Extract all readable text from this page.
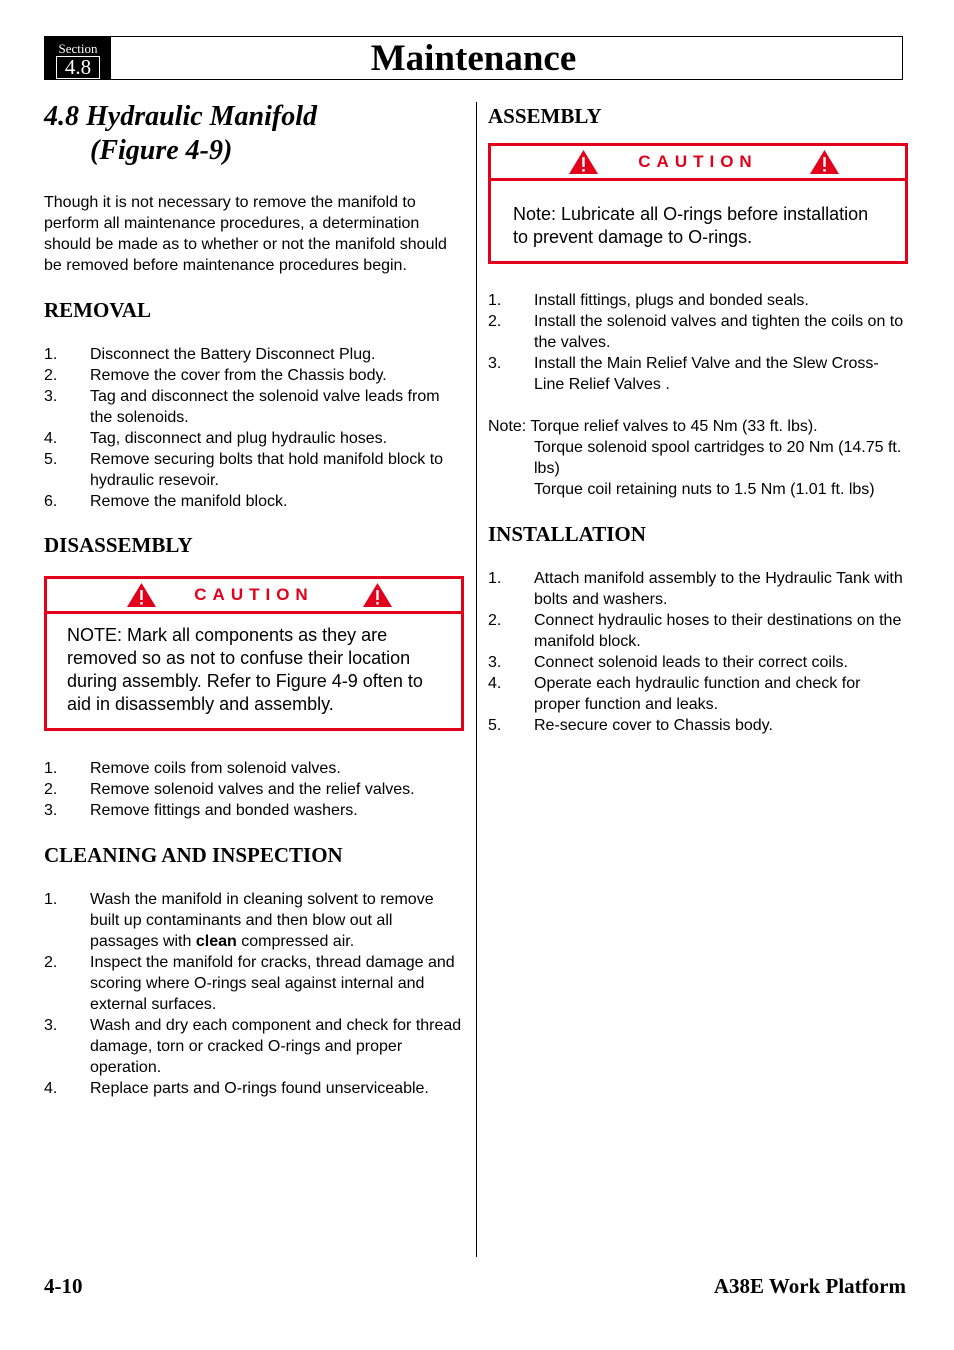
Section
4.8	Maintenance
4.8 Hydraulic Manifold
(Figure 4-9)

Though it is not necessary to remove the manifold to perform all maintenance procedures, a determination should be made as to whether or not the manifold should be removed before maintenance procedures begin.

REMOVAL
1. Disconnect the Battery Disconnect Plug.
2. Remove the cover from the Chassis body.
3. Tag and disconnect the solenoid valve leads from the solenoids.
4. Tag, disconnect and plug hydraulic hoses.
5. Remove securing bolts that hold manifold block to hydraulic resevoir.
6. Remove the manifold block.
DISASSEMBLY
CAUTION
NOTE: Mark all components as they are removed so as not to confuse their location during assembly. Refer to Figure 4-9 often to aid in disassembly and assembly.
1. Remove coils from solenoid valves.
2. Remove solenoid valves and the relief valves.
3. Remove fittings and bonded washers.
CLEANING AND INSPECTION
1. Wash the manifold in cleaning solvent to remove built up contaminants and then blow out all passages with clean compressed air.
2. Inspect the manifold for cracks, thread damage and scoring where O-rings seal against internal and external surfaces.
3. Wash and dry each component and check for thread damage, torn or cracked O-rings and proper operation.
4. Replace parts and O-rings found unserviceable.
ASSEMBLY
CAUTION
Note: Lubricate all O-rings before installation to prevent damage to O-rings.
1. Install fittings, plugs and bonded seals.
2. Install the solenoid valves and tighten the coils on to the valves.
3. Install the Main Relief Valve and the Slew Cross- Line Relief Valves .
Note: Torque relief valves to 45 Nm (33 ft. lbs).
Torque solenoid spool cartridges to 20 Nm (14.75 ft. lbs)
Torque coil retaining nuts to 1.5 Nm (1.01 ft. lbs)
INSTALLATION
1. Attach manifold assembly to the Hydraulic Tank with bolts and washers.
2. Connect hydraulic hoses to their destinations on the manifold block.
3. Connect solenoid leads to their correct coils.
4. Operate each hydraulic function and check for proper function and leaks.
5. Re-secure cover to Chassis body.
4-10	A38E Work Platform
